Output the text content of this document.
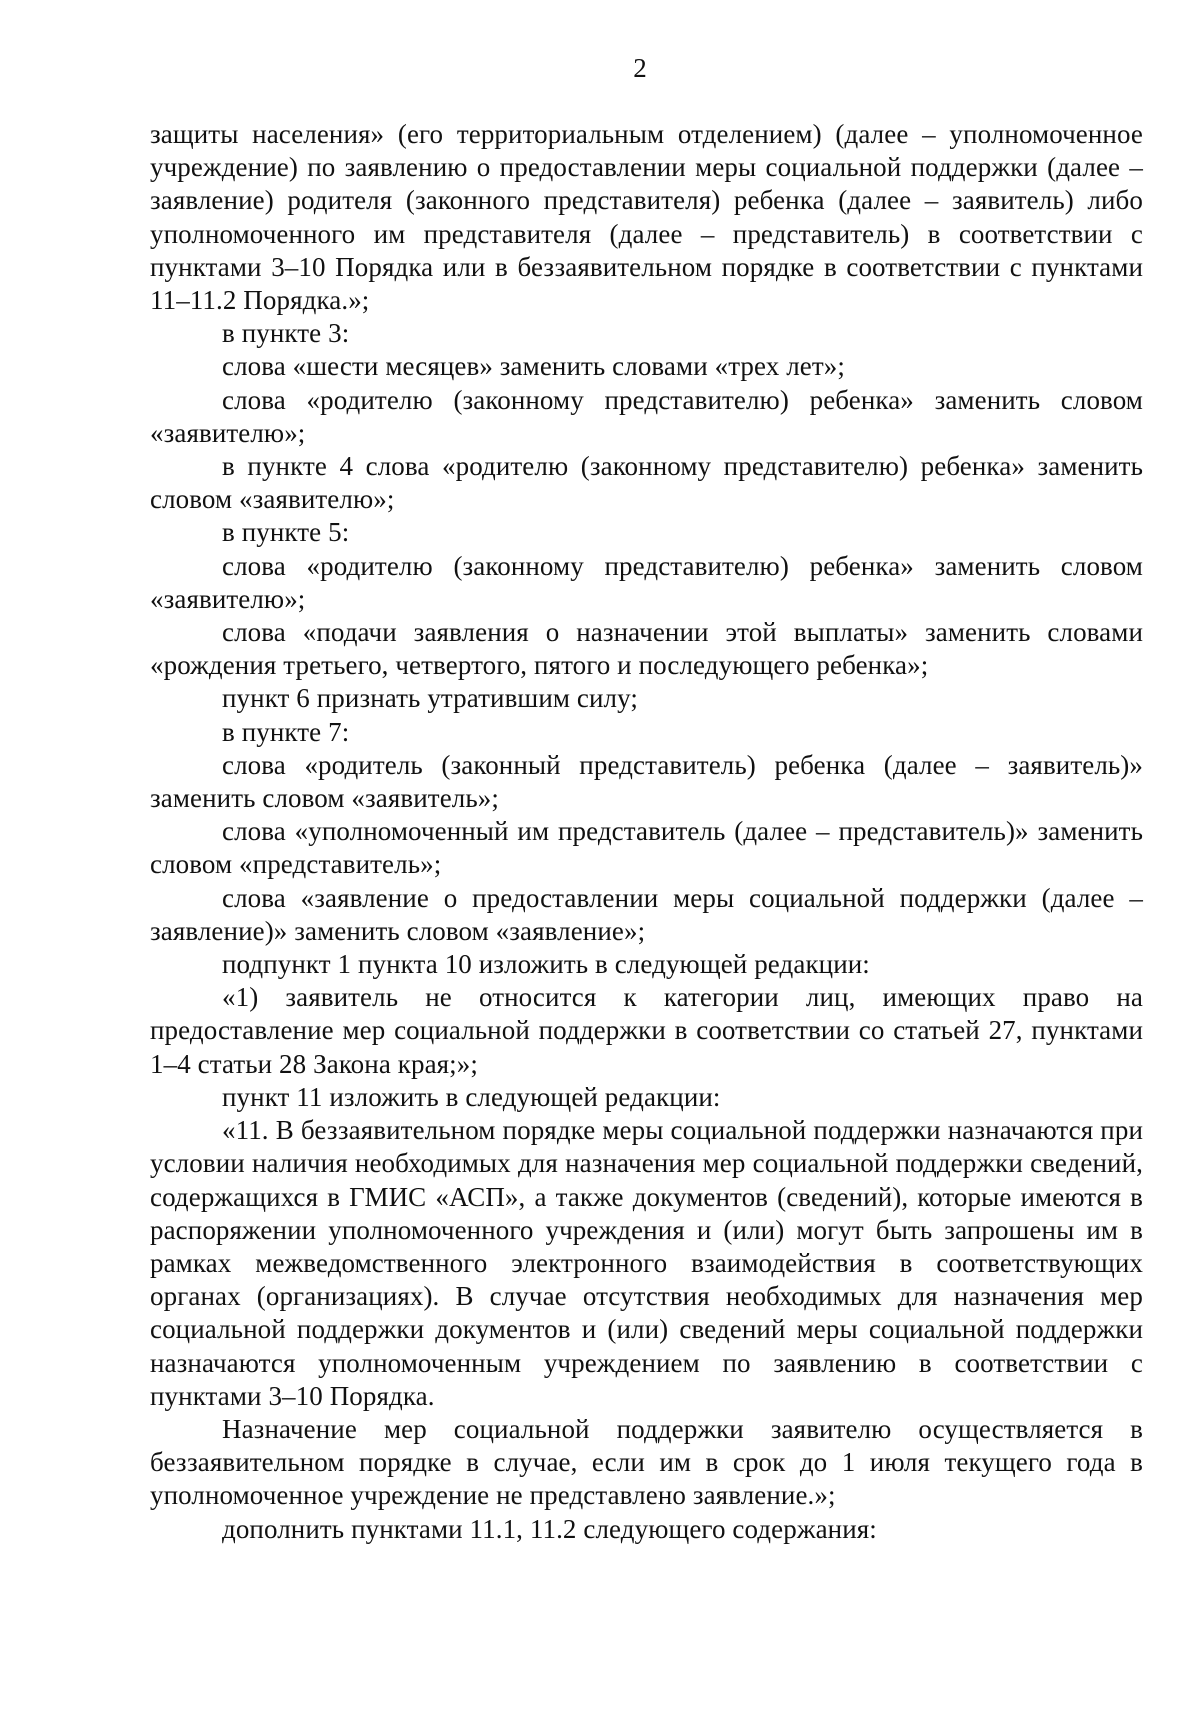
2

защиты населения» (его территориальным отделением) (далее – уполномоченное учреждение) по заявлению о предоставлении меры социальной поддержки (далее – заявление) родителя (законного представителя) ребенка (далее – заявитель) либо уполномоченного им представителя (далее – представитель) в соответствии с пунктами 3–10 Порядка или в беззаявительном порядке в соответствии с пунктами 11–11.2 Порядка.»;

в пункте 3:

слова «шести месяцев» заменить словами «трех лет»;

слова «родителю (законному представителю) ребенка» заменить словом «заявителю»;

в пункте 4 слова «родителю (законному представителю) ребенка» заменить словом «заявителю»;

в пункте 5:

слова «родителю (законному представителю) ребенка» заменить словом «заявителю»;

слова «подачи заявления о назначении этой выплаты» заменить словами «рождения третьего, четвертого, пятого и последующего ребенка»;

пункт 6 признать утратившим силу;

в пункте 7:

слова «родитель (законный представитель) ребенка (далее – заявитель)» заменить словом «заявитель»;

слова «уполномоченный им представитель (далее – представитель)» заменить словом «представитель»;

слова «заявление о предоставлении меры социальной поддержки (далее – заявление)» заменить словом «заявление»;

подпункт 1 пункта 10 изложить в следующей редакции:

«1) заявитель не относится к категории лиц, имеющих право на предоставление мер социальной поддержки в соответствии со статьей 27, пунктами 1–4 статьи 28 Закона края;»;

пункт 11 изложить в следующей редакции:

«11. В беззаявительном порядке меры социальной поддержки назначаются при условии наличия необходимых для назначения мер социальной поддержки сведений, содержащихся в ГМИС «АСП», а также документов (сведений), которые имеются в распоряжении уполномоченного учреждения и (или) могут быть запрошены им в рамках межведомственного электронного взаимодействия в соответствующих органах (организациях). В случае отсутствия необходимых для назначения мер социальной поддержки документов и (или) сведений меры социальной поддержки назначаются уполномоченным учреждением по заявлению в соответствии с пунктами 3–10 Порядка.

Назначение мер социальной поддержки заявителю осуществляется в беззаявительном порядке в случае, если им в срок до 1 июля текущего года в уполномоченное учреждение не представлено заявление.»;

дополнить пунктами 11.1, 11.2 следующего содержания:
